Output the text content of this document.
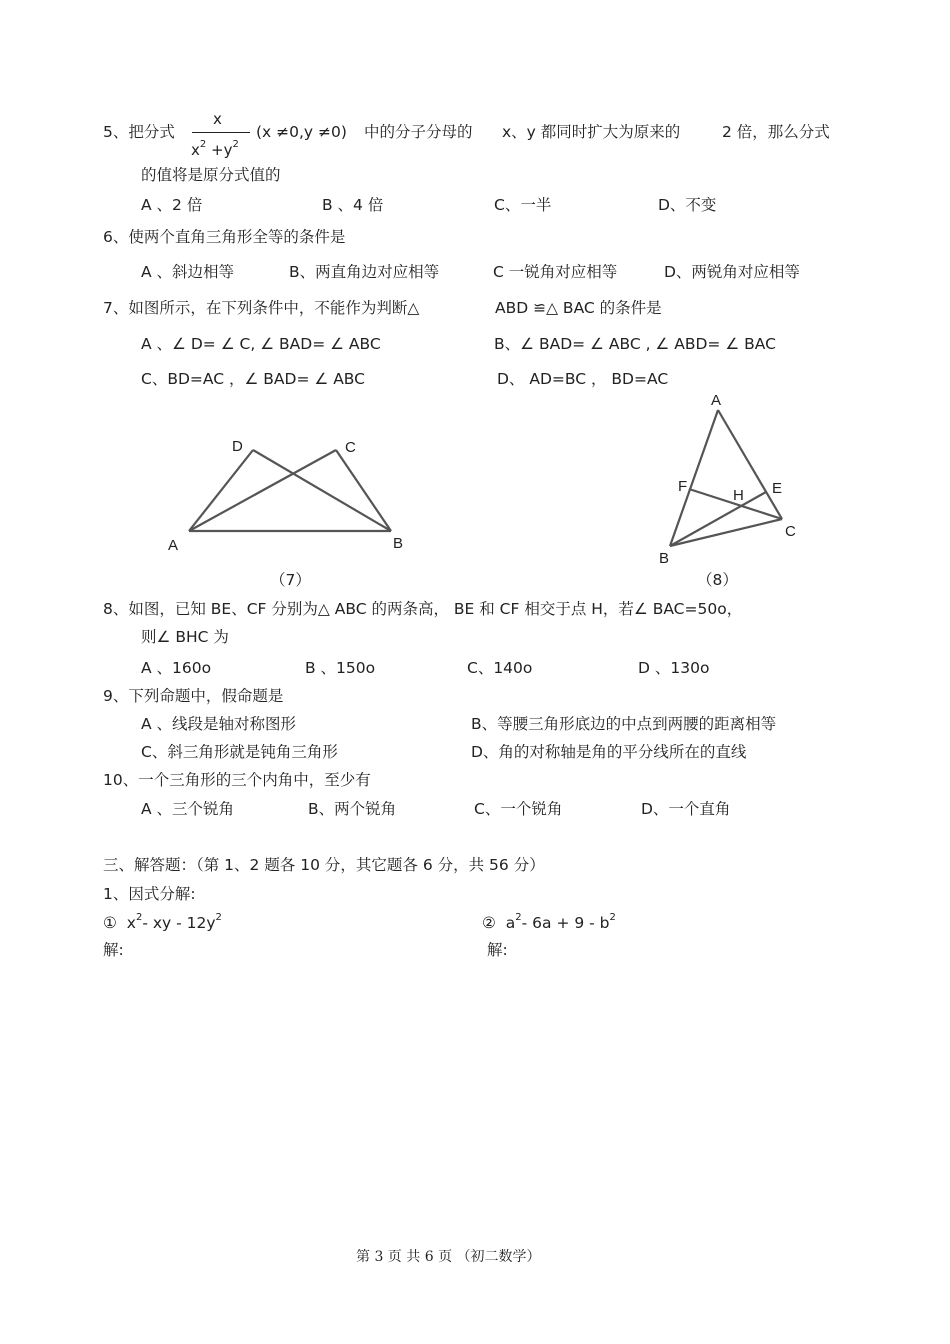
5、把分式
x
$x^2 +y^2$
(x ≠0,y ≠0) 中的分子分母的 x、y 都同时扩大为原来的	2 倍，那么分式
的值将是原分式值的
A 、2 倍	B 、4 倍	C、一半	D、不变
6、使两个直角三角形全等的条件是
A 、斜边相等	B、两直角边对应相等	C 一锐角对应相等	D、两锐角对应相等
7、如图所示，在下列条件中，不能作为判断△	ABD ≌△ BAC 的条件是
A 、∠ D= ∠ C, ∠ BAD= ∠ ABC	B、∠ BAD= ∠ ABC , ∠ ABD= ∠ BAC
C、BD=AC ，∠ BAD= ∠ ABC	D、 AD=BC ， BD=AC
A	B
C
D
A
B
C
E
F
H
（7）	（8）
8、如图，已知 BE、CF 分别为△ ABC 的两条高， BE 和 CF 相交于点 H，若∠ BAC=50o，
则∠ BHC 为
A 、160o	B 、150o	C、140o	D 、130o
9、下列命题中，假命题是
A 、线段是轴对称图形	B、等腰三角形底边的中点到两腰的距离相等
C、斜三角形就是钝角三角形	D、角的对称轴是角的平分线所在的直线
10、一个三角形的三个内角中，至少有
A 、三个锐角	B、两个锐角	C、一个锐角	D、一个直角
三、解答题：（第 1、2 题各 10 分，其它题各 6 分，共 56 分）
1、因式分解:
① $x^2-$ xy - $12y^2$	② $a^2-$ $6a + 9 - b^2$
解:	解:
第 3 页 共 6 页 （初二数学）
